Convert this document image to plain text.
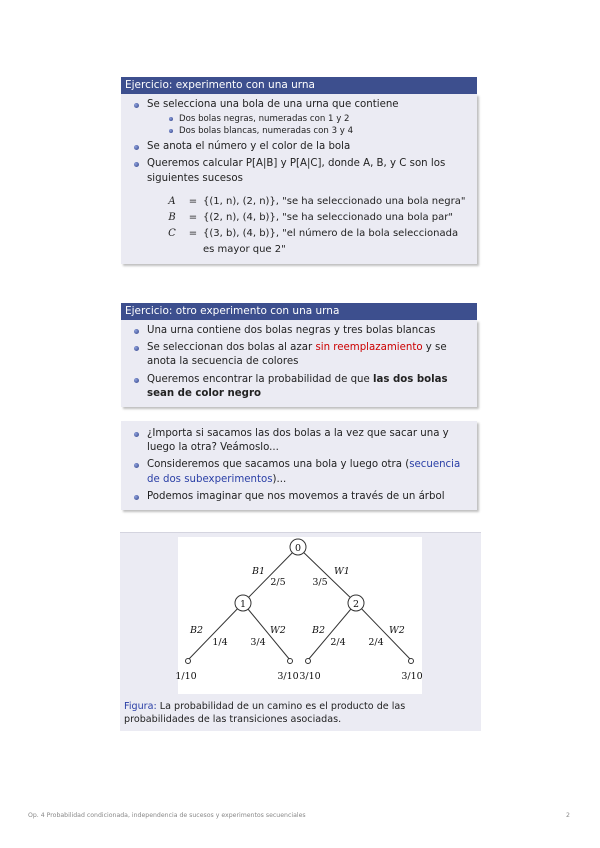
Ejercicio: experimento con una urna
Se selecciona una bola de una urna que contiene
Dos bolas negras, numeradas con 1 y 2
Dos bolas blancas, numeradas con 3 y 4
Se anota el número y el color de la bola
Queremos calcular P[A|B] y P[A|C], donde A, B, y C son los siguientes sucesos
A	= {(1, n), (2, n)}, "se ha seleccionado una bola negra"
B	= {(2, n), (4, b)}, "se ha seleccionado una bola par"
C	= {(3, b), (4, b)}, "el número de la bola seleccionada es mayor que 2"
Ejercicio: otro experimento con una urna
Una urna contiene dos bolas negras y tres bolas blancas
Se seleccionan dos bolas al azar sin reemplazamiento y se anota la secuencia de colores
Queremos encontrar la probabilidad de que las dos bolas sean de color negro
¿Importa si sacamos las dos bolas a la vez que sacar una y luego la otra? Veámoslo...
Consideremos que sacamos una bola y luego otra (secuencia de dos subexperimentos)...
Podemos imaginar que nos movemos a través de un árbol
0
1	2
B1	W1
B2	W2	B2	W2
2/5	3/5
1/4 3/4	2/4 2/4
1/10	3/10 3/10	3/10
Figura: La probabilidad de un camino es el producto de las probabilidades de las transiciones asociadas.
Op. 4 Probabilidad condicionada, independencia de sucesos y experimentos secuenciales	2
